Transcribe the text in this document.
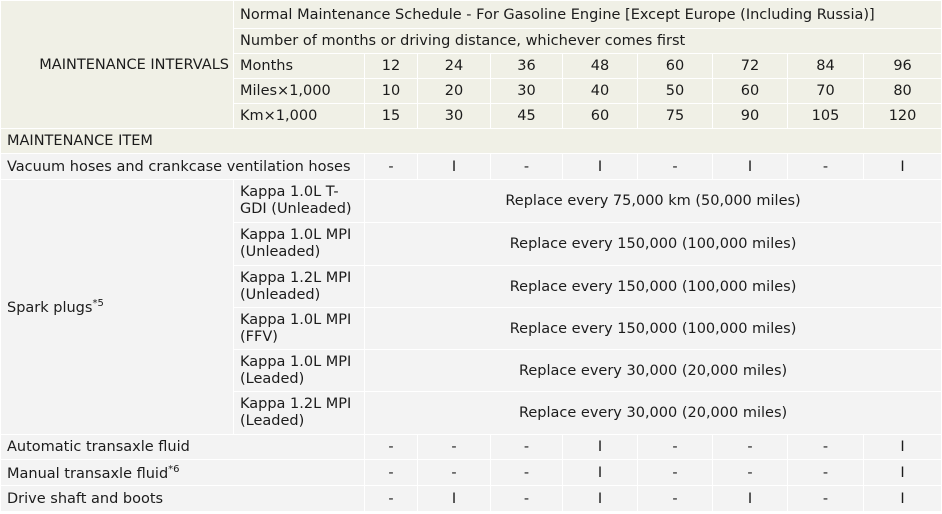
MAINTENANCE INTERVALS	Normal Maintenance Schedule - For Gasoline Engine [Except Europe (Including Russia)]								
	Number of months or driving distance, whichever comes first								
	Months	12	24	36	48	60	72	84	96
	Miles×1,000	10	20	30	40	50	60	70	80
	Km×1,000	15	30	45	60	75	90	105	120
MAINTENANCE ITEM									
Vacuum hoses and crankcase ventilation hoses		-	I	-	I	-	I	-	I
Spark plugs$^{*5}$	Kappa 1.0L T-GDI (Unleaded)	Replace every 75,000 km (50,000 miles)							
	Kappa 1.0L MPI (Unleaded)	Replace every 150,000 (100,000 miles)							
	Kappa 1.2L MPI (Unleaded)	Replace every 150,000 (100,000 miles)							
	Kappa 1.0L MPI (FFV)	Replace every 150,000 (100,000 miles)							
	Kappa 1.0L MPI (Leaded)	Replace every 30,000 (20,000 miles)							
	Kappa 1.2L MPI (Leaded)	Replace every 30,000 (20,000 miles)							
Automatic transaxle fluid		-	-	-	I	-	-	-	I
Manual transaxle fluid$^{*6}$		-	-	-	I	-	-	-	I
Drive shaft and boots		-	I	-	I	-	I	-	I
